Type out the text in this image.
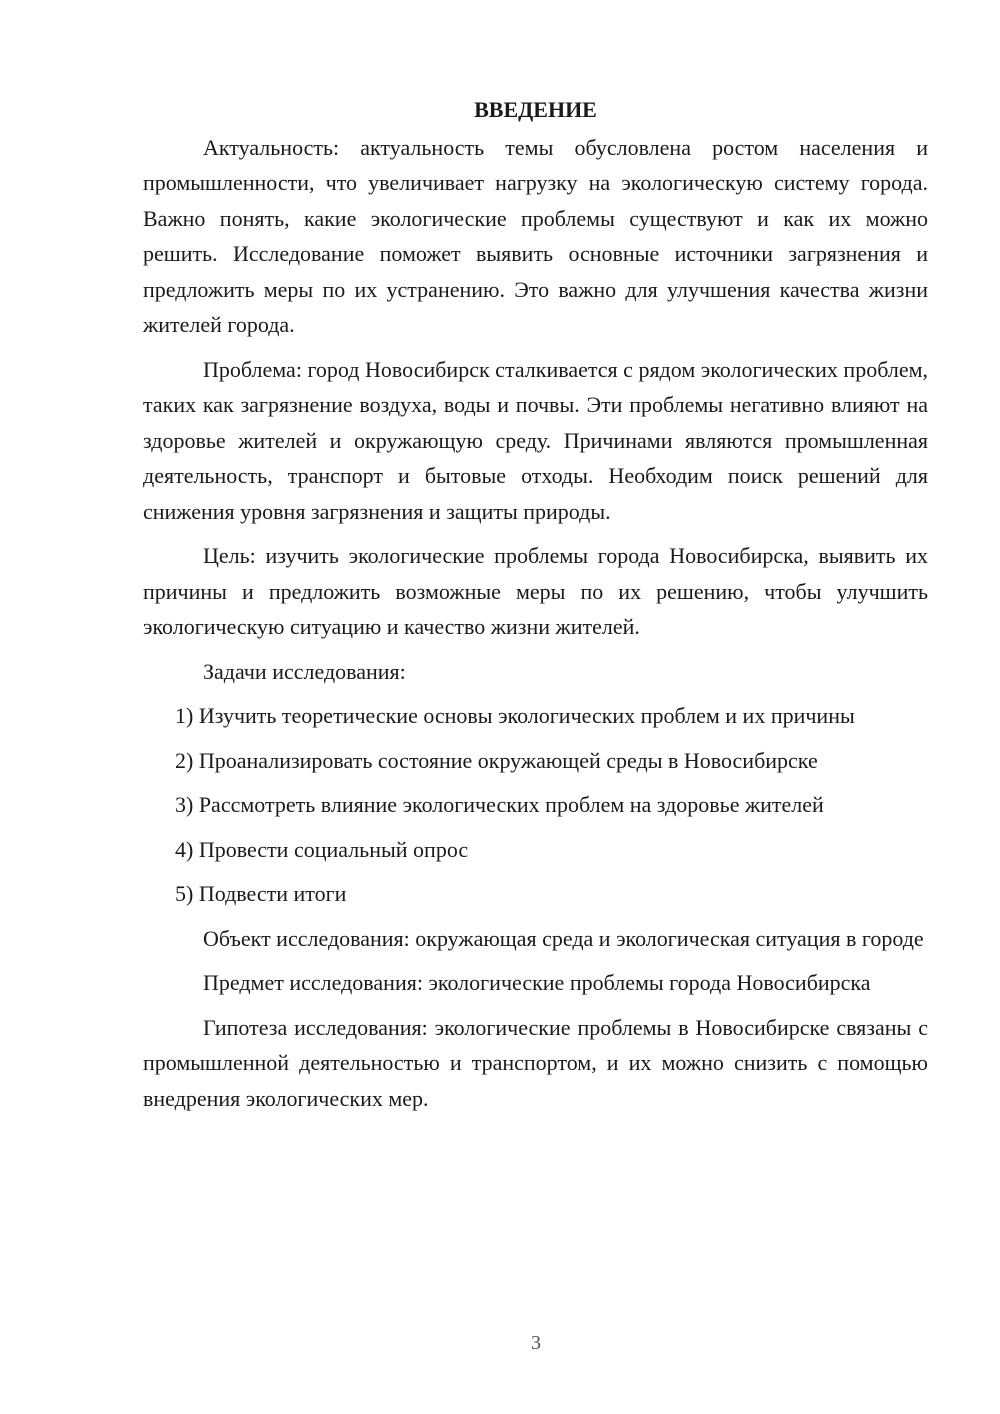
ВВЕДЕНИЕ

Актуальность: актуальность темы обусловлена ростом населения и промышленности, что увеличивает нагрузку на экологическую систему города. Важно понять, какие экологические проблемы существуют и как их можно решить. Исследование поможет выявить основные источники загрязнения и предложить меры по их устранению. Это важно для улучшения качества жизни жителей города.

Проблема: город Новосибирск сталкивается с рядом экологических проблем, таких как загрязнение воздуха, воды и почвы. Эти проблемы негативно влияют на здоровье жителей и окружающую среду. Причинами являются промышленная деятельность, транспорт и бытовые отходы. Необходим поиск решений для снижения уровня загрязнения и защиты природы.

Цель: изучить экологические проблемы города Новосибирска, выявить их причины и предложить возможные меры по их решению, чтобы улучшить экологическую ситуацию и качество жизни жителей.

Задачи исследования:

1) Изучить теоретические основы экологических проблем и их причины

2) Проанализировать состояние окружающей среды в Новосибирске

3) Рассмотреть влияние экологических проблем на здоровье жителей

4) Провести социальный опрос

5) Подвести итоги

Объект исследования: окружающая среда и экологическая ситуация в городе

Предмет исследования: экологические проблемы города Новосибирска

Гипотеза исследования: экологические проблемы в Новосибирске связаны с промышленной деятельностью и транспортом, и их можно снизить с помощью внедрения экологических мер.

3
